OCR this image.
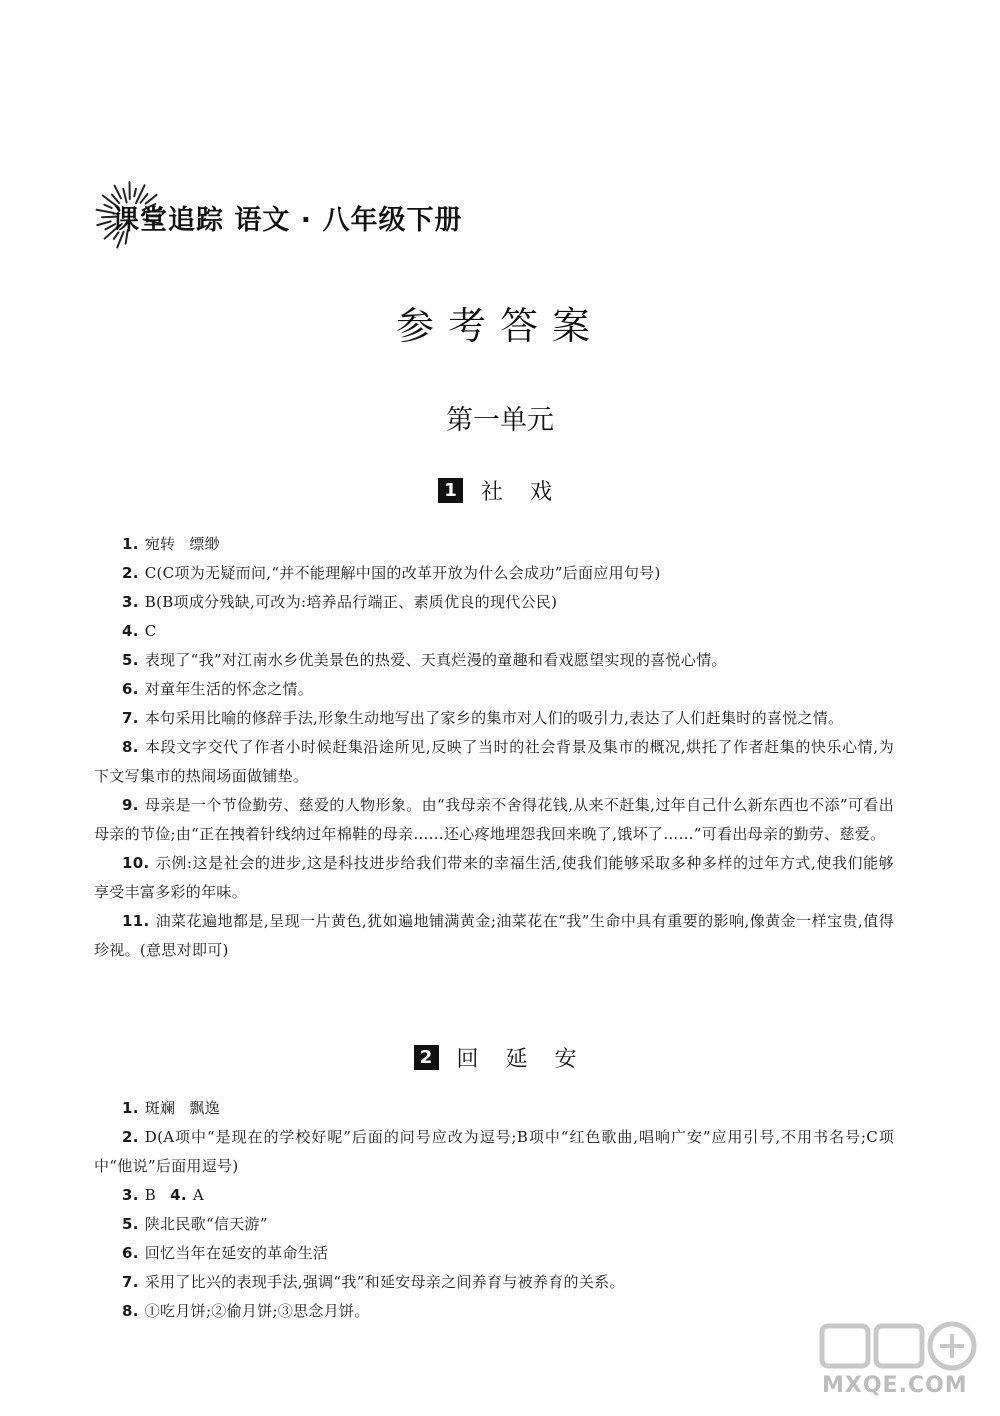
课堂追踪 语文 · 八年级下册
参考答案
第一单元
1 社 戏
1. 宛转 缥缈
2. C(C项为无疑而问,“并不能理解中国的改革开放为什么会成功”后面应用句号)
3. B(B项成分残缺,可改为:培养品行端正、素质优良的现代公民)
4. C
5. 表现了“我”对江南水乡优美景色的热爱、天真烂漫的童趣和看戏愿望实现的喜悦心情。
6. 对童年生活的怀念之情。
7. 本句采用比喻的修辞手法,形象生动地写出了家乡的集市对人们的吸引力,表达了人们赶集时的喜悦之情。
8. 本段文字交代了作者小时候赶集沿途所见,反映了当时的社会背景及集市的概况,烘托了作者赶集的快乐心情,为下文写集市的热闹场面做铺垫。
9. 母亲是一个节俭勤劳、慈爱的人物形象。由“我母亲不舍得花钱,从来不赶集,过年自己什么新东西也不添”可看出母亲的节俭;由“正在拽着针线纳过年棉鞋的母亲……还心疼地埋怨我回来晚了,饿坏了……”可看出母亲的勤劳、慈爱。
10. 示例:这是社会的进步,这是科技进步给我们带来的幸福生活,使我们能够采取多种多样的过年方式,使我们能够享受丰富多彩的年味。
11. 油菜花遍地都是,呈现一片黄色,犹如遍地铺满黄金;油菜花在“我”生命中具有重要的影响,像黄金一样宝贵,值得珍视。(意思对即可)
2 回 延 安
1. 斑斓 飘逸
2. D(A项中“是现在的学校好呢”后面的问号应改为逗号;B项中“红色歌曲,唱响广安”应用引号,不用书名号;C项中“他说”后面用逗号)
3. B 4. A
5. 陕北民歌“信天游”
6. 回忆当年在延安的革命生活
7. 采用了比兴的表现手法,强调“我”和延安母亲之间养育与被养育的关系。
8. ①吃月饼;②偷月饼;③思念月饼。
MXQE.COM
